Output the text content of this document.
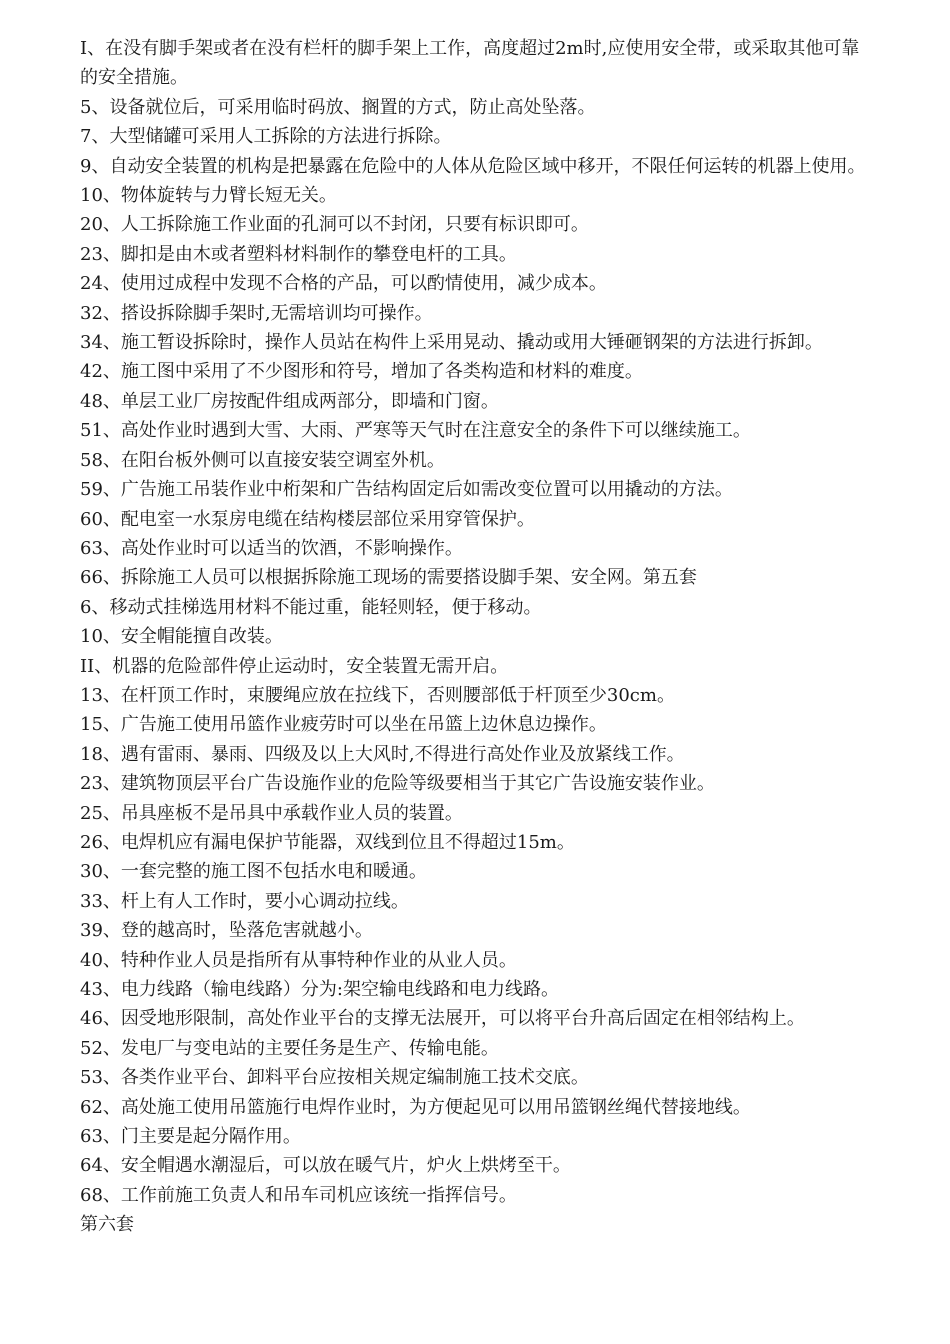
I、在没有脚手架或者在没有栏杆的脚手架上工作，高度超过2m时,应使用安全带，或采取其他可靠的安全措施。

5、设备就位后，可采用临时码放、搁置的方式，防止高处坠落。

7、大型储罐可采用人工拆除的方法进行拆除。

9、自动安全装置的机构是把暴露在危险中的人体从危险区域中移开，不限任何运转的机器上使用。

10、物体旋转与力臂长短无关。

20、人工拆除施工作业面的孔洞可以不封闭，只要有标识即可。

23、脚扣是由木或者塑料材料制作的攀登电杆的工具。

24、使用过成程中发现不合格的产品，可以酌情使用，减少成本。

32、搭设拆除脚手架时,无需培训均可操作。

34、施工暂设拆除时，操作人员站在构件上采用晃动、撬动或用大锤砸钢架的方法进行拆卸。

42、施工图中采用了不少图形和符号，增加了各类构造和材料的难度。

48、单层工业厂房按配件组成两部分，即墙和门窗。

51、高处作业时遇到大雪、大雨、严寒等天气时在注意安全的条件下可以继续施工。

58、在阳台板外侧可以直接安装空调室外机。

59、广告施工吊装作业中桁架和广告结构固定后如需改变位置可以用撬动的方法。

60、配电室一水泵房电缆在结构楼层部位采用穿管保护。

63、高处作业时可以适当的饮酒，不影响操作。

66、拆除施工人员可以根据拆除施工现场的需要搭设脚手架、安全网。第五套

6、移动式挂梯选用材料不能过重，能轻则轻，便于移动。

10、安全帽能擅自改装。

II、机器的危险部件停止运动时，安全装置无需开启。

13、在杆顶工作时，束腰绳应放在拉线下，否则腰部低于杆顶至少30cm。

15、广告施工使用吊篮作业疲劳时可以坐在吊篮上边休息边操作。

18、遇有雷雨、暴雨、四级及以上大风时,不得进行高处作业及放紧线工作。

23、建筑物顶层平台广告设施作业的危险等级要相当于其它广告设施安装作业。

25、吊具座板不是吊具中承载作业人员的装置。

26、电焊机应有漏电保护节能器，双线到位且不得超过15m。

30、一套完整的施工图不包括水电和暖通。

33、杆上有人工作时，要小心调动拉线。

39、登的越高时，坠落危害就越小。

40、特种作业人员是指所有从事特种作业的从业人员。

43、电力线路（输电线路）分为:架空输电线路和电力线路。

46、因受地形限制，高处作业平台的支撑无法展开，可以将平台升高后固定在相邻结构上。

52、发电厂与变电站的主要任务是生产、传输电能。

53、各类作业平台、卸料平台应按相关规定编制施工技术交底。

62、高处施工使用吊篮施行电焊作业时，为方便起见可以用吊篮钢丝绳代替接地线。

63、门主要是起分隔作用。

64、安全帽遇水潮湿后，可以放在暖气片，炉火上烘烤至干。

68、工作前施工负责人和吊车司机应该统一指挥信号。

第六套
